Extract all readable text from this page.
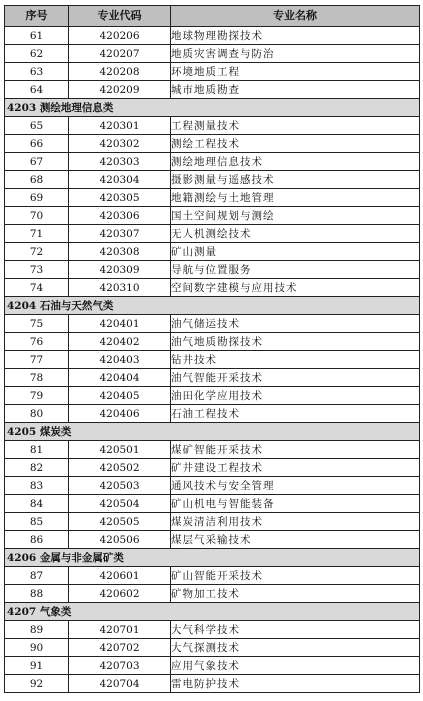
序号	专业代码	专业名称
61	420206	地球物理勘探技术
62	420207	地质灾害调查与防治
63	420208	环境地质工程
64	420209	城市地质勘查
4203 测绘地理信息类		
65	420301	工程测量技术
66	420302	测绘工程技术
67	420303	测绘地理信息技术
68	420304	摄影测量与遥感技术
69	420305	地籍测绘与土地管理
70	420306	国土空间规划与测绘
71	420307	无人机测绘技术
72	420308	矿山测量
73	420309	导航与位置服务
74	420310	空间数字建模与应用技术
4204 石油与天然气类		
75	420401	油气储运技术
76	420402	油气地质勘探技术
77	420403	钻井技术
78	420404	油气智能开采技术
79	420405	油田化学应用技术
80	420406	石油工程技术
4205 煤炭类		
81	420501	煤矿智能开采技术
82	420502	矿井建设工程技术
83	420503	通风技术与安全管理
84	420504	矿山机电与智能装备
85	420505	煤炭清洁利用技术
86	420506	煤层气采输技术
4206 金属与非金属矿类		
87	420601	矿山智能开采技术
88	420602	矿物加工技术
4207 气象类		
89	420701	大气科学技术
90	420702	大气探测技术
91	420703	应用气象技术
92	420704	雷电防护技术
